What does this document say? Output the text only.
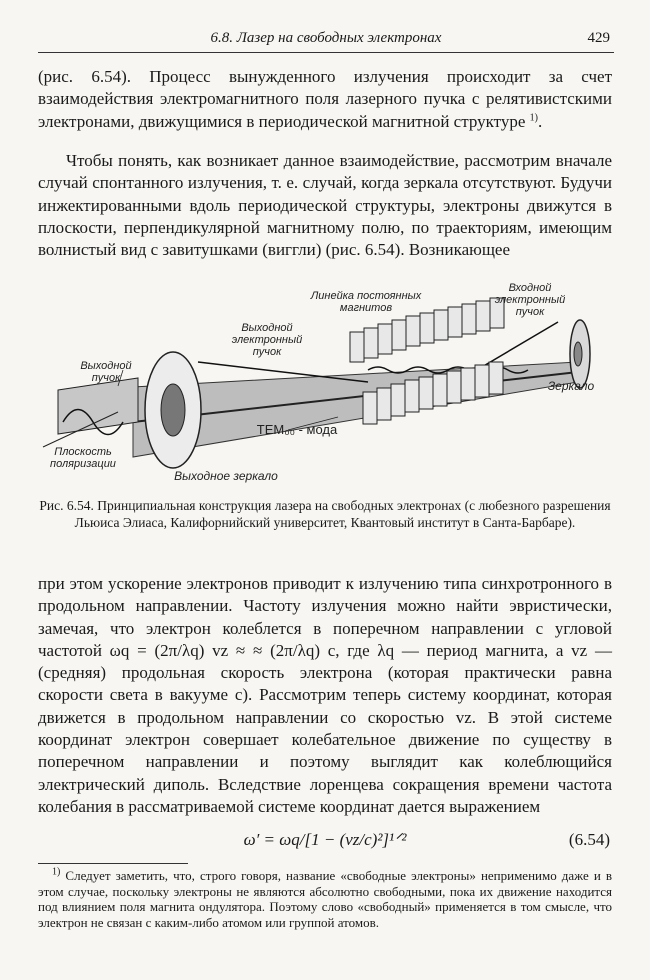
6.8. Лазер на свободных электронах	429

(рис. 6.54). Процесс вынужденного излучения происходит за счет взаимодействия электромагнитного поля лазерного пучка с релятивистскими электронами, движущимися в периодической магнитной структуре $^{1)}$.

Чтобы понять, как возникает данное взаимодействие, рассмотрим вначале случай спонтанного излучения, т. е. случай, когда зеркала отсутствуют. Будучи инжектированными вдоль периодической структуры, электроны движутся в плоскости, перпендикулярной магнитному полю, по траекториям, имеющим волнистый вид с завитушками (виггли) (рис. 6.54). Возникающее

Линейка постоянных магнитов
Входной электронный пучок
Выходной электронный пучок
Выходной пучок
Зеркало
TEM₀₀ - мода
Плоскость поляризации
Выходное зеркало
Рис. 6.54. Принципиальная конструкция лазера на свободных электронах (с любезного разрешения Льюиса Элиаса, Калифорнийский университет, Квантовый институт в Санта-Барбаре).

при этом ускорение электронов приводит к излучению типа синхротронного в продольном направлении. Частоту излучения можно найти эвристически, замечая, что электрон колеблется в поперечном направлении с угловой частотой ωq = (2π/λq) vz ≈ ≈ (2π/λq) c, где λq — период магнита, а vz — (средняя) продольная скорость электрона (которая практически равна скорости света в вакууме c). Рассмотрим теперь систему координат, которая движется в продольном направлении со скоростью vz. В этой системе координат электрон совершает колебательное движение по существу в поперечном направлении и поэтому выглядит как колеблющийся электрический диполь. Вследствие лоренцева сокращения времени частота колебания в рассматриваемой системе координат дается выражением

ω′ = ωq/[1 − (vz/c)²]¹ᐟ²	(6.54)

$^{1)}$ Следует заметить, что, строго говоря, название «свободные электроны» неприменимо даже и в этом случае, поскольку электроны не являются абсолютно свободными, пока их движение находится под влиянием поля магнита ондулятора. Поэтому слово «свободный» применяется в том смысле, что электрон не связан с каким-либо атомом или группой атомов.
